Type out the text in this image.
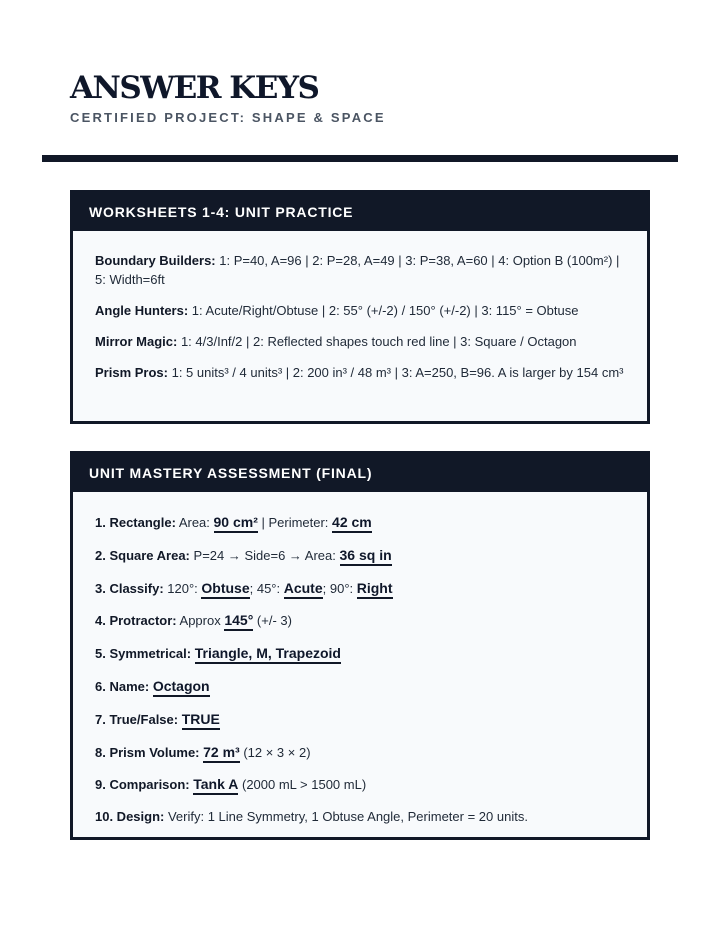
ANSWER KEYS
CERTIFIED PROJECT: SHAPE & SPACE
WORKSHEETS 1-4: UNIT PRACTICE
Boundary Builders: 1: P=40, A=96 | 2: P=28, A=49 | 3: P=38, A=60 | 4: Option B (100m²) | 5: Width=6ft
Angle Hunters: 1: Acute/Right/Obtuse | 2: 55° (+/-2) / 150° (+/-2) | 3: 115° = Obtuse
Mirror Magic: 1: 4/3/Inf/2 | 2: Reflected shapes touch red line | 3: Square / Octagon
Prism Pros: 1: 5 units³ / 4 units³ | 2: 200 in³ / 48 m³ | 3: A=250, B=96. A is larger by 154 cm³
UNIT MASTERY ASSESSMENT (FINAL)
1. Rectangle: Area: 90 cm² | Perimeter: 42 cm
2. Square Area: P=24 → Side=6 → Area: 36 sq in
3. Classify: 120°: Obtuse; 45°: Acute; 90°: Right
4. Protractor: Approx 145° (+/- 3)
5. Symmetrical: Triangle, M, Trapezoid
6. Name: Octagon
7. True/False: TRUE
8. Prism Volume: 72 m³ (12 × 3 × 2)
9. Comparison: Tank A (2000 mL > 1500 mL)
10. Design: Verify: 1 Line Symmetry, 1 Obtuse Angle, Perimeter = 20 units.
